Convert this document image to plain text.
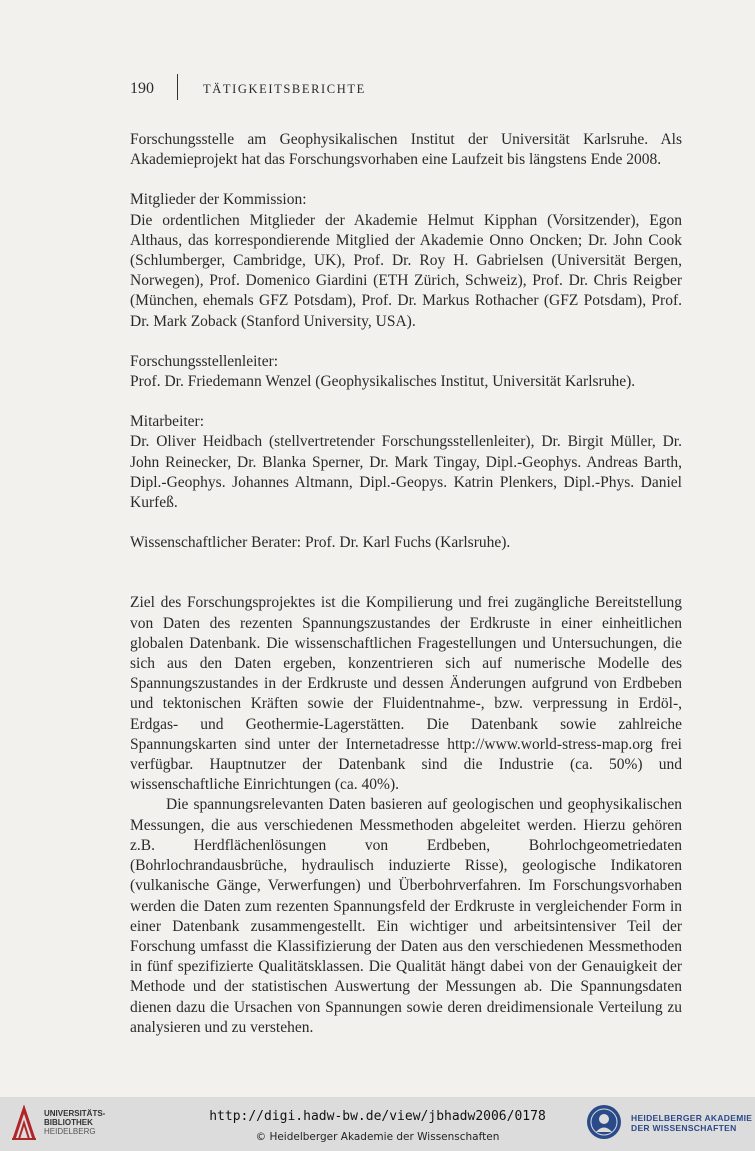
190	TÄTIGKEITSBERICHTE

Forschungsstelle am Geophysikalischen Institut der Universität Karlsruhe. Als Akademieprojekt hat das Forschungsvorhaben eine Laufzeit bis längstens Ende 2008.

Mitglieder der Kommission:

Die ordentlichen Mitglieder der Akademie Helmut Kipphan (Vorsitzender), Egon Althaus, das korrespondierende Mitglied der Akademie Onno Oncken; Dr. John Cook (Schlumberger, Cambridge, UK), Prof. Dr. Roy H. Gabrielsen (Universität Bergen, Norwegen), Prof. Domenico Giardini (ETH Zürich, Schweiz), Prof. Dr. Chris Reigber (München, ehemals GFZ Potsdam), Prof. Dr. Markus Rothacher (GFZ Potsdam), Prof. Dr. Mark Zoback (Stanford University, USA).

Forschungsstellenleiter:

Prof. Dr. Friedemann Wenzel (Geophysikalisches Institut, Universität Karlsruhe).

Mitarbeiter:

Dr. Oliver Heidbach (stellvertretender Forschungsstellenleiter), Dr. Birgit Müller, Dr. John Reinecker, Dr. Blanka Sperner, Dr. Mark Tingay, Dipl.-Geophys. Andreas Barth, Dipl.-Geophys. Johannes Altmann, Dipl.-Geopys. Katrin Plenkers, Dipl.-Phys. Daniel Kurfeß.

Wissenschaftlicher Berater: Prof. Dr. Karl Fuchs (Karlsruhe).

Ziel des Forschungsprojektes ist die Kompilierung und frei zugängliche Bereitstellung von Daten des rezenten Spannungszustandes der Erdkruste in einer einheitlichen globalen Datenbank. Die wissenschaftlichen Fragestellungen und Untersuchungen, die sich aus den Daten ergeben, konzentrieren sich auf numerische Modelle des Spannungszustandes in der Erdkruste und dessen Änderungen aufgrund von Erdbeben und tektonischen Kräften sowie der Fluidentnahme-, bzw. verpressung in Erdöl-, Erdgas- und Geothermie-Lagerstätten. Die Datenbank sowie zahlreiche Spannungskarten sind unter der Internetadresse http://www.world-stress-map.org frei verfügbar. Hauptnutzer der Datenbank sind die Industrie (ca. 50%) und wissenschaftliche Einrichtungen (ca. 40%).

Die spannungsrelevanten Daten basieren auf geologischen und geophysikalischen Messungen, die aus verschiedenen Messmethoden abgeleitet werden. Hierzu gehören z.B. Herdflächenlösungen von Erdbeben, Bohrlochgeometriedaten (Bohrlochrandausbrüche, hydraulisch induzierte Risse), geologische Indikatoren (vulkanische Gänge, Verwerfungen) und Überbohrverfahren. Im Forschungsvorhaben werden die Daten zum rezenten Spannungsfeld der Erdkruste in vergleichender Form in einer Datenbank zusammengestellt. Ein wichtiger und arbeitsintensiver Teil der Forschung umfasst die Klassifizierung der Daten aus den verschiedenen Messmethoden in fünf spezifizierte Qualitätsklassen. Die Qualität hängt dabei von der Genauigkeit der Methode und der statistischen Auswertung der Messungen ab. Die Spannungsdaten dienen dazu die Ursachen von Spannungen sowie deren dreidimensionale Verteilung zu analysieren und zu verstehen.

UNIVERSITÄTS-
BIBLIOTHEK
HEIDELBERG
http://digi.hadw-bw.de/view/jbhadw2006/0178
© Heidelberger Akademie der Wissenschaften
HEIDELBERGER AKADEMIE
DER WISSENSCHAFTEN
